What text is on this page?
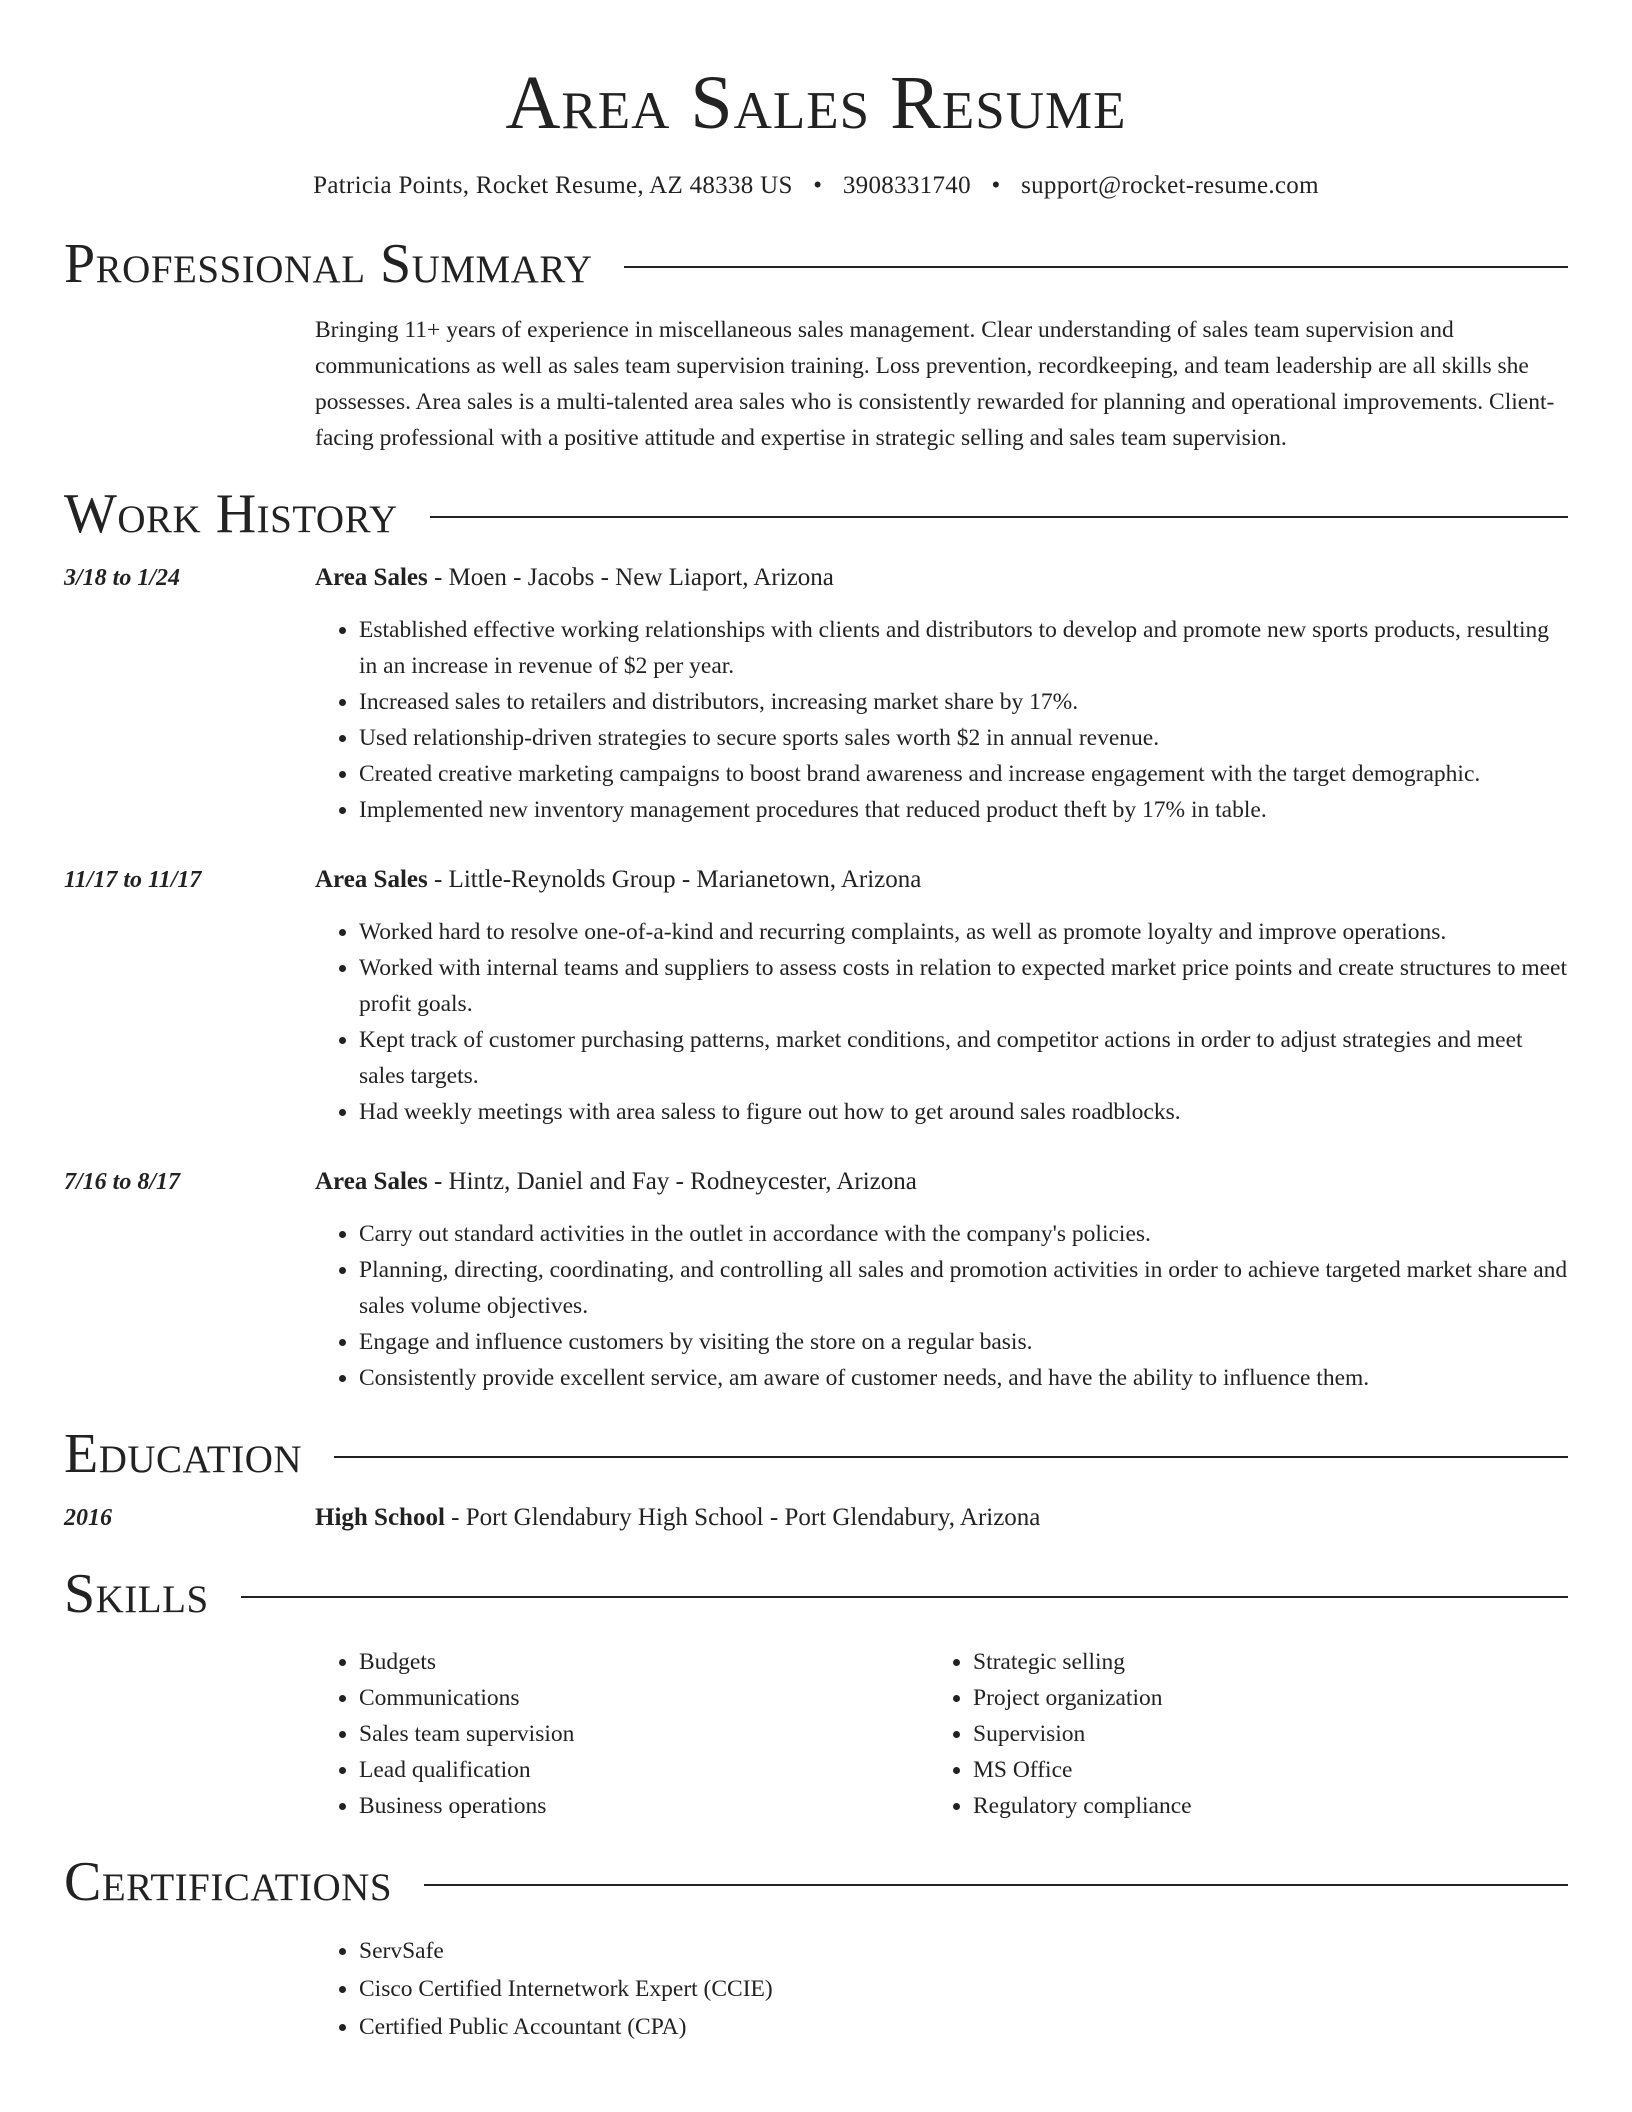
Area Sales Resume
Patricia Points, Rocket Resume, AZ 48338 US • 3908331740 • support@rocket-resume.com
Professional Summary
Bringing 11+ years of experience in miscellaneous sales management. Clear understanding of sales team supervision and communications as well as sales team supervision training. Loss prevention, recordkeeping, and team leadership are all skills she possesses. Area sales is a multi-talented area sales who is consistently rewarded for planning and operational improvements. Client-facing professional with a positive attitude and expertise in strategic selling and sales team supervision.
Work History
3/18 to 1/24	Area Sales - Moen - Jacobs - New Liaport, Arizona
• Established effective working relationships with clients and distributors to develop and promote new sports products, resulting in an increase in revenue of $2 per year.
• Increased sales to retailers and distributors, increasing market share by 17%.
• Used relationship-driven strategies to secure sports sales worth $2 in annual revenue.
• Created creative marketing campaigns to boost brand awareness and increase engagement with the target demographic.
• Implemented new inventory management procedures that reduced product theft by 17% in table.
11/17 to 11/17	Area Sales - Little-Reynolds Group - Marianetown, Arizona
• Worked hard to resolve one-of-a-kind and recurring complaints, as well as promote loyalty and improve operations.
• Worked with internal teams and suppliers to assess costs in relation to expected market price points and create structures to meet profit goals.
• Kept track of customer purchasing patterns, market conditions, and competitor actions in order to adjust strategies and meet sales targets.
• Had weekly meetings with area saless to figure out how to get around sales roadblocks.
7/16 to 8/17	Area Sales - Hintz, Daniel and Fay - Rodneycester, Arizona
• Carry out standard activities in the outlet in accordance with the company's policies.
• Planning, directing, coordinating, and controlling all sales and promotion activities in order to achieve targeted market share and sales volume objectives.
• Engage and influence customers by visiting the store on a regular basis.
• Consistently provide excellent service, am aware of customer needs, and have the ability to influence them.
Education
2016	High School - Port Glendabury High School - Port Glendabury, Arizona
Skills
• Budgets
• Communications
• Sales team supervision
• Lead qualification
• Business operations
• Strategic selling
• Project organization
• Supervision
• MS Office
• Regulatory compliance
Certifications
• ServSafe
• Cisco Certified Internetwork Expert (CCIE)
• Certified Public Accountant (CPA)
